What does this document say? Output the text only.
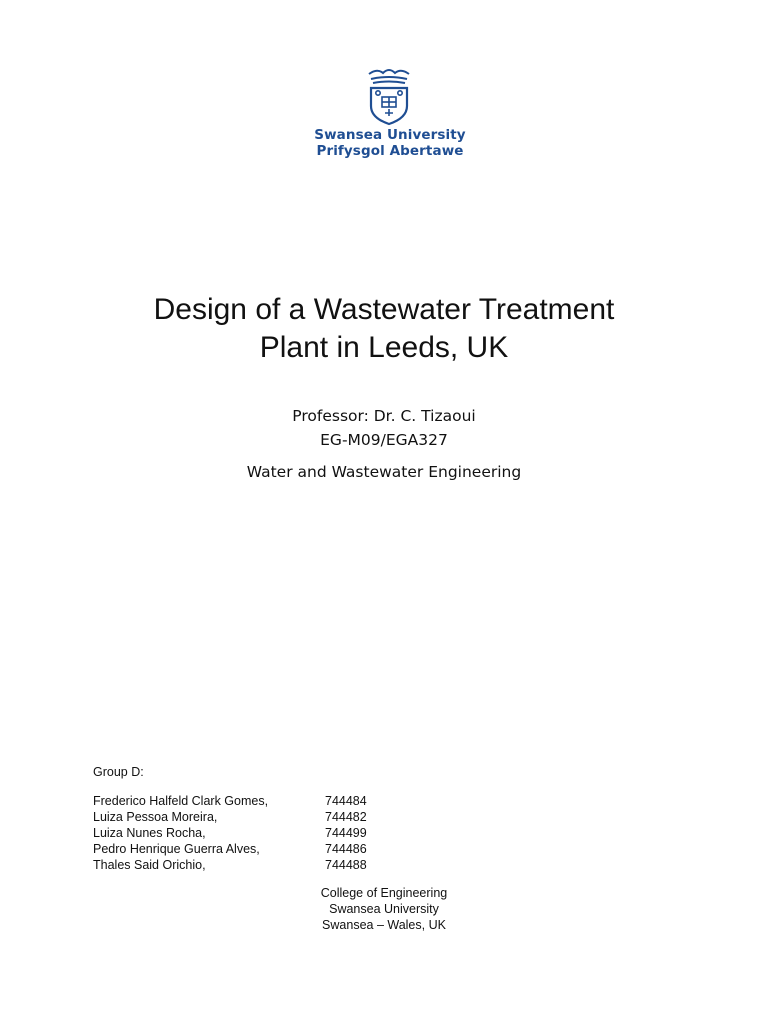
Swansea University
Prifysgol Abertawe
Design of a Wastewater Treatment
Plant in Leeds, UK
Professor: Dr. C. Tizaoui
EG-M09/EGA327
Water and Wastewater Engineering
Group D:
Frederico Halfeld Clark Gomes,	744484
Luiza Pessoa Moreira,	744482
Luiza Nunes Rocha,	744499
Pedro Henrique Guerra Alves,	744486
Thales Said Orichio,	744488
College of Engineering
Swansea University
Swansea – Wales, UK
